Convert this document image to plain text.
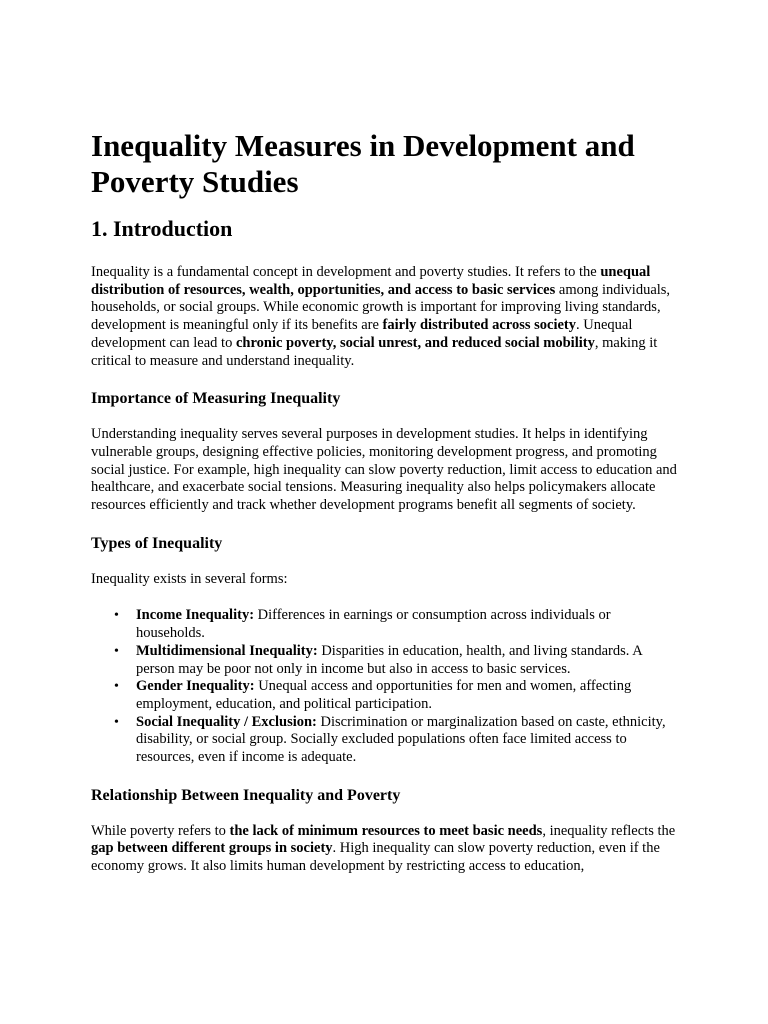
Inequality Measures in Development and Poverty Studies
1. Introduction

Inequality is a fundamental concept in development and poverty studies. It refers to the unequal distribution of resources, wealth, opportunities, and access to basic services among individuals, households, or social groups. While economic growth is important for improving living standards, development is meaningful only if its benefits are fairly distributed across society. Unequal development can lead to chronic poverty, social unrest, and reduced social mobility, making it critical to measure and understand inequality.

Importance of Measuring Inequality

Understanding inequality serves several purposes in development studies. It helps in identifying vulnerable groups, designing effective policies, monitoring development progress, and promoting social justice. For example, high inequality can slow poverty reduction, limit access to education and healthcare, and exacerbate social tensions. Measuring inequality also helps policymakers allocate resources efficiently and track whether development programs benefit all segments of society.

Types of Inequality

Inequality exists in several forms:

• Income Inequality: Differences in earnings or consumption across individuals or households.
• Multidimensional Inequality: Disparities in education, health, and living standards. A person may be poor not only in income but also in access to basic services.
• Gender Inequality: Unequal access and opportunities for men and women, affecting employment, education, and political participation.
• Social Inequality / Exclusion: Discrimination or marginalization based on caste, ethnicity, disability, or social group. Socially excluded populations often face limited access to resources, even if income is adequate.
Relationship Between Inequality and Poverty

While poverty refers to the lack of minimum resources to meet basic needs, inequality reflects the gap between different groups in society. High inequality can slow poverty reduction, even if the economy grows. It also limits human development by restricting access to education,
